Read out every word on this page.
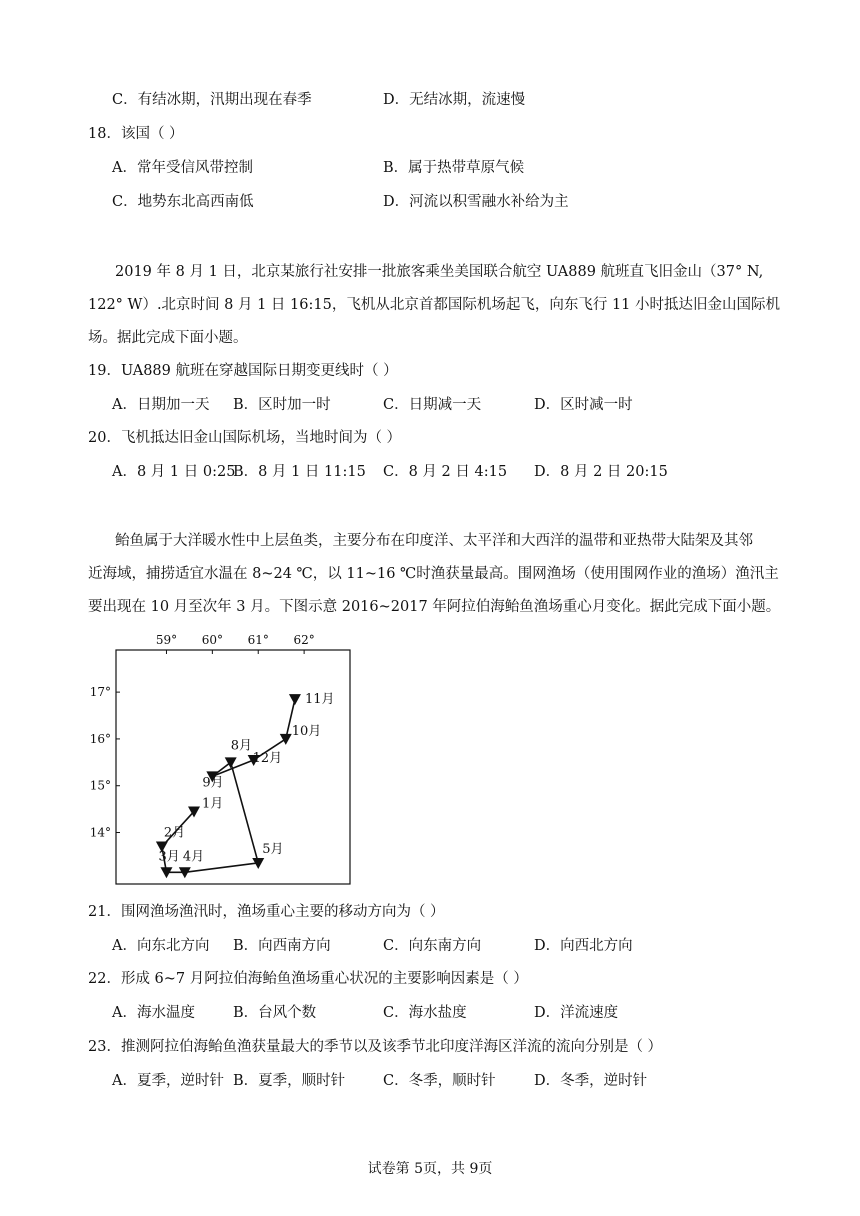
C．有结冰期，汛期出现在春季	D．无结冰期，流速慢
18．该国（ ）
A．常年受信风带控制	B．属于热带草原气候
C．地势东北高西南低	D．河流以积雪融水补给为主
2019 年 8 月 1 日，北京某旅行社安排一批旅客乘坐美国联合航空 UA889 航班直飞旧金山（37° N,
122° W）.北京时间 8 月 1 日 16:15，飞机从北京首都国际机场起飞，向东飞行 11 小时抵达旧金山国际机
场。据此完成下面小题。
19．UA889 航班在穿越国际日期变更线时（ ）
A．日期加一天 B．区时加一时	C．日期减一天	D．区时减一时
20．飞机抵达旧金山国际机场，当地时间为（ ）
A．8 月 1 日 0:25
B．8 月 1 日 11:15 C．8 月 2 日 4:15 D．8 月 2 日 20:15
鲐鱼属于大洋暖水性中上层鱼类，主要分布在印度洋、太平洋和大西洋的温带和亚热带大陆架及其邻
近海域，捕捞适宜水温在 8~24 ℃，以 11~16 ℃时渔获量最高。围网渔场（使用围网作业的渔场）渔汛主
要出现在 10 月至次年 3 月。下图示意 2016~2017 年阿拉伯海鲐鱼渔场重心月变化。据此完成下面小题。
59° 60° 61° 62°
17°
16°
15°
14°
1月
2月
3月 4月	5月
8月
9月
10月
11月
12月
21．围网渔场渔汛时，渔场重心主要的移动方向为（ ）
A．向东北方向 B．向西南方向	C．向东南方向	D．向西北方向
22．形成 6~7 月阿拉伯海鲐鱼渔场重心状况的主要影响因素是（ ）
A．海水温度	B．台风个数	C．海水盐度	D．洋流速度
23．推测阿拉伯海鲐鱼渔获量最大的季节以及该季节北印度洋海区洋流的流向分别是（ ）
A．夏季，逆时针 B．夏季，顺时针	C．冬季，顺时针	D．冬季，逆时针
试卷第 5页，共 9页
